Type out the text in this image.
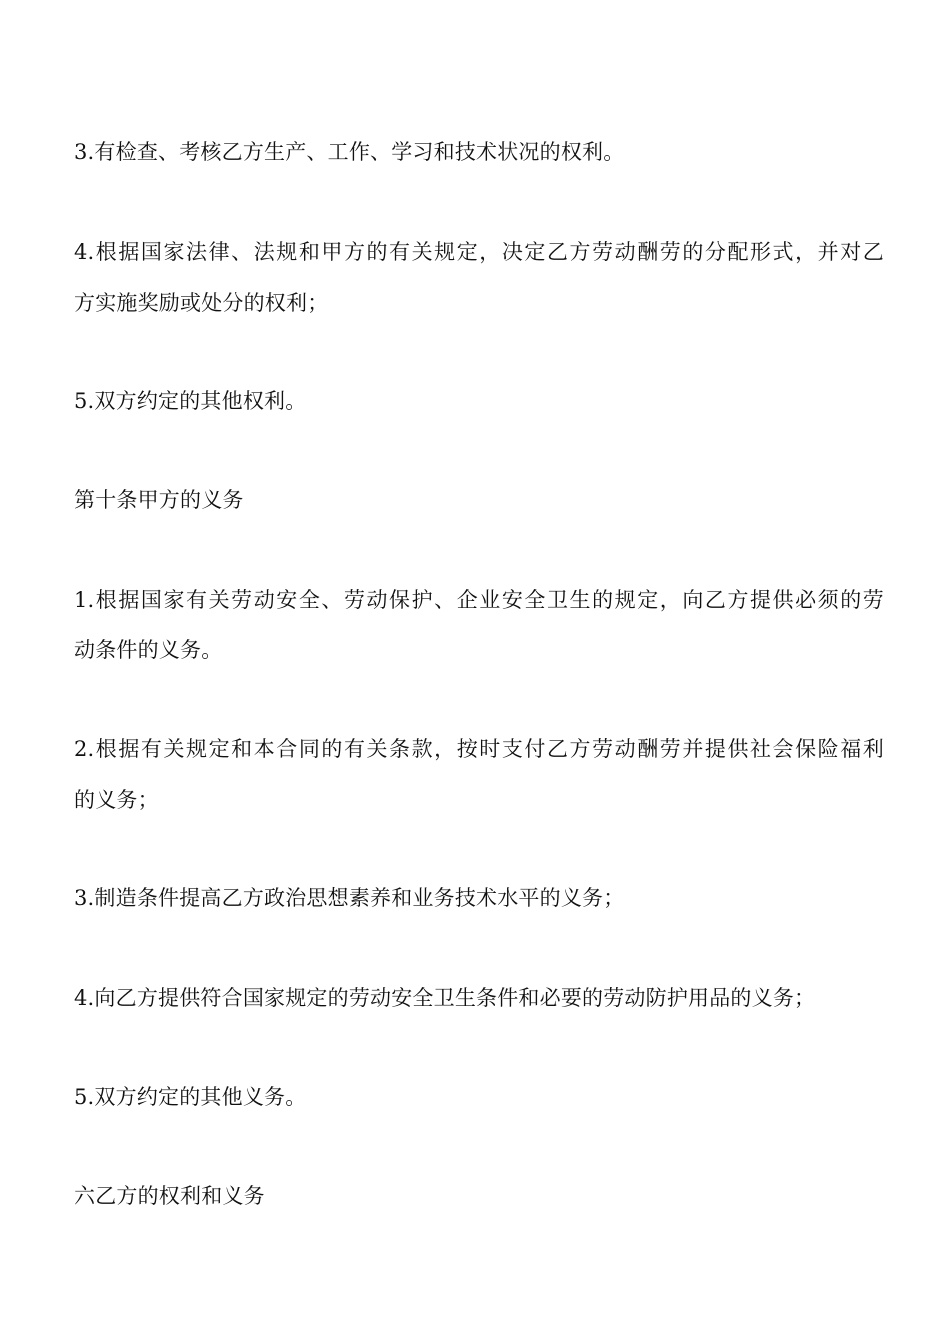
3.有检查、考核乙方生产、工作、学习和技术状况的权利。

4.根据国家法律、法规和甲方的有关规定，决定乙方劳动酬劳的分配形式，并对乙

方实施奖励或处分的权利；

5.双方约定的其他权利。

第十条甲方的义务

1.根据国家有关劳动安全、劳动保护、企业安全卫生的规定，向乙方提供必须的劳

动条件的义务。

2.根据有关规定和本合同的有关条款，按时支付乙方劳动酬劳并提供社会保险福利

的义务；

3.制造条件提高乙方政治思想素养和业务技术水平的义务；

4.向乙方提供符合国家规定的劳动安全卫生条件和必要的劳动防护用品的义务；

5.双方约定的其他义务。

六乙方的权利和义务
